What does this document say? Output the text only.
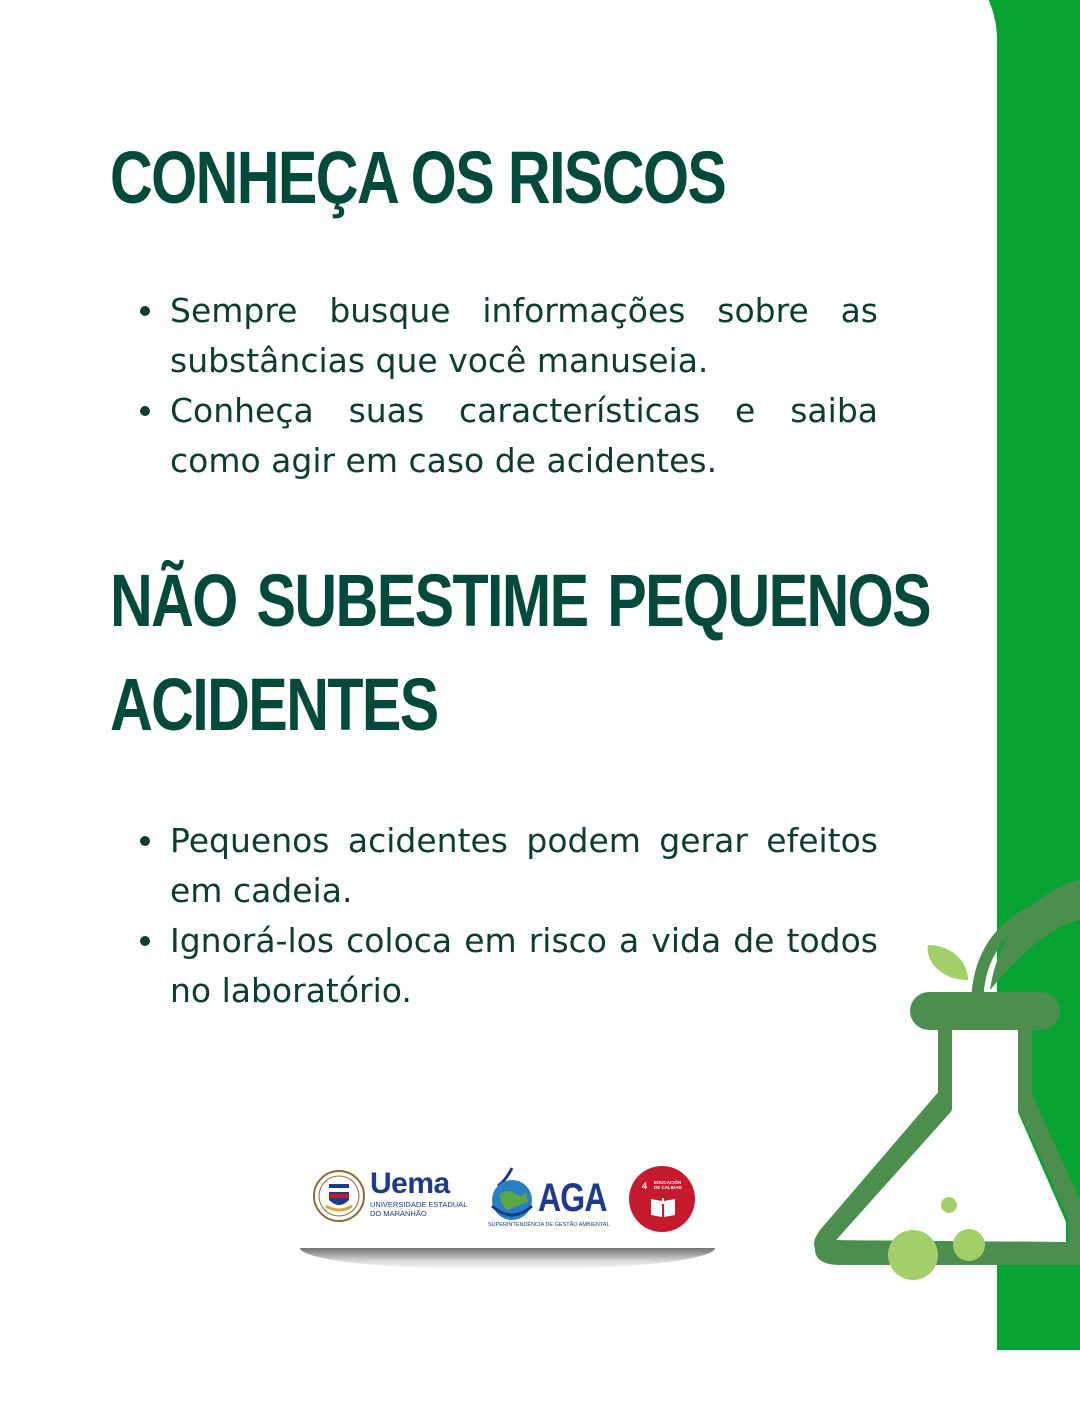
CONHEÇA OS RISCOS
Sempre busque informações sobre as substâncias que você manuseia.
Conheça suas características e saiba como agir em caso de acidentes.
NÃO SUBESTIME PEQUENOS ACIDENTES
Pequenos acidentes podem gerar efeitos em cadeia.
Ignorá-los coloca em risco a vida de todos no laboratório.
Uema
UNIVERSIDADE ESTADUAL
DO MARANHÃO	AGA
SUPERINTENDÊNCIA DE GESTÃO AMBIENTAL
4 EDUCACIÓN DE CALIDAD
